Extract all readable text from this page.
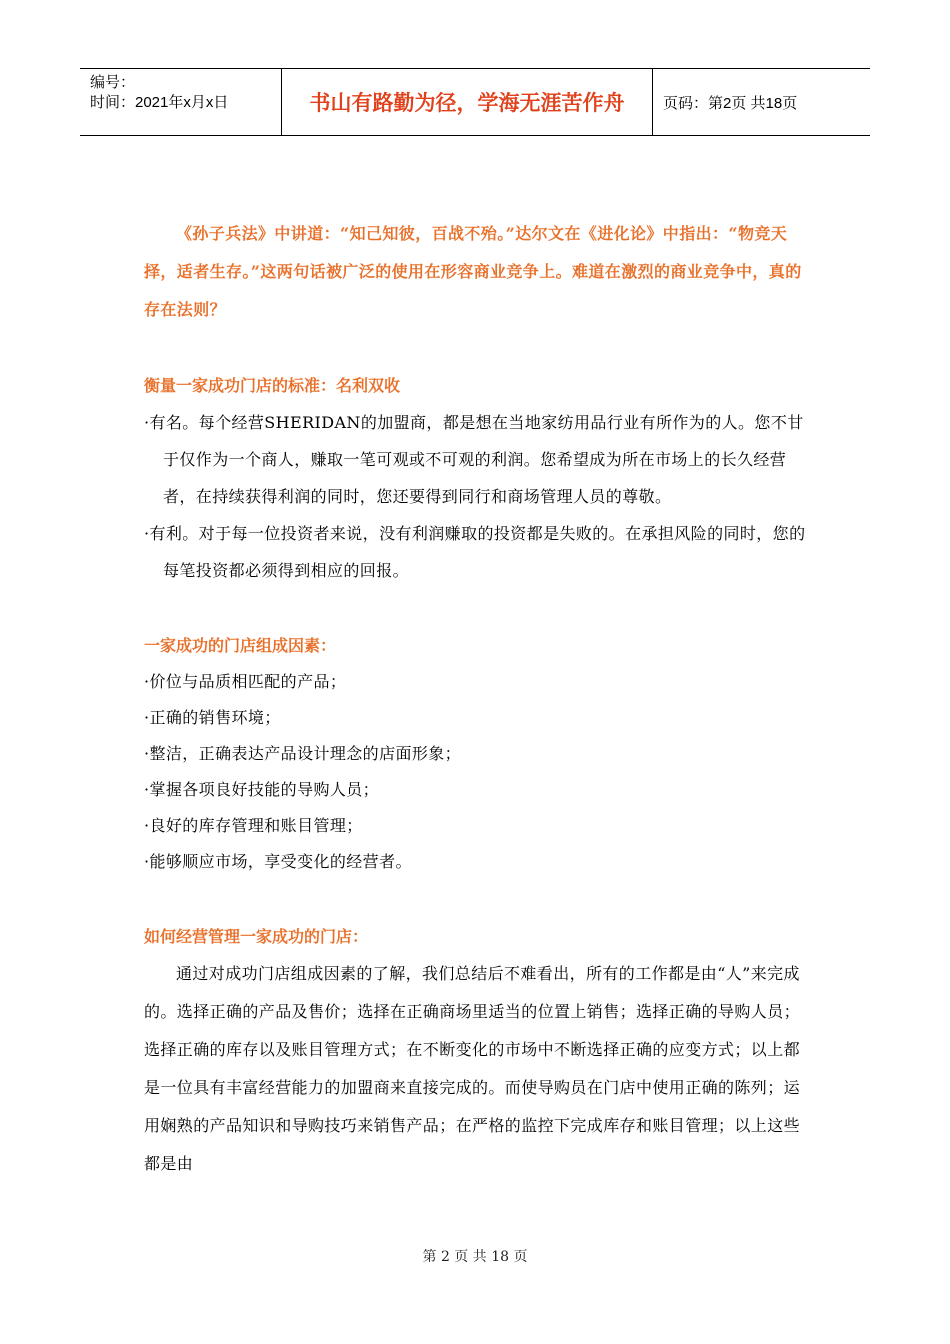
编号：
时间：2021年x月x日	书山有路勤为径，学海无涯苦作舟	页码：第2页 共18页

《孙子兵法》中讲道：“知己知彼，百战不殆。”达尔文在《进化论》中指出：“物竞天择，适者生存。”这两句话被广泛的使用在形容商业竞争上。难道在激烈的商业竞争中，真的存在法则？

衡量一家成功门店的标准：名利双收

·有名。每个经营SHERIDAN的加盟商，都是想在当地家纺用品行业有所作为的人。您不甘于仅作为一个商人，赚取一笔可观或不可观的利润。您希望成为所在市场上的长久经营者，在持续获得利润的同时，您还要得到同行和商场管理人员的尊敬。

·有利。对于每一位投资者来说，没有利润赚取的投资都是失败的。在承担风险的同时，您的每笔投资都必须得到相应的回报。

一家成功的门店组成因素：

·价位与品质相匹配的产品；

·正确的销售环境；

·整洁，正确表达产品设计理念的店面形象；

·掌握各项良好技能的导购人员；

·良好的库存管理和账目管理；

·能够顺应市场，享受变化的经营者。

如何经营管理一家成功的门店：

通过对成功门店组成因素的了解，我们总结后不难看出，所有的工作都是由“人”来完成的。选择正确的产品及售价；选择在正确商场里适当的位置上销售；选择正确的导购人员；选择正确的库存以及账目管理方式；在不断变化的市场中不断选择正确的应变方式；以上都是一位具有丰富经营能力的加盟商来直接完成的。而使导购员在门店中使用正确的陈列；运用娴熟的产品知识和导购技巧来销售产品；在严格的监控下完成库存和账目管理；以上这些都是由

第 2 页 共 18 页
